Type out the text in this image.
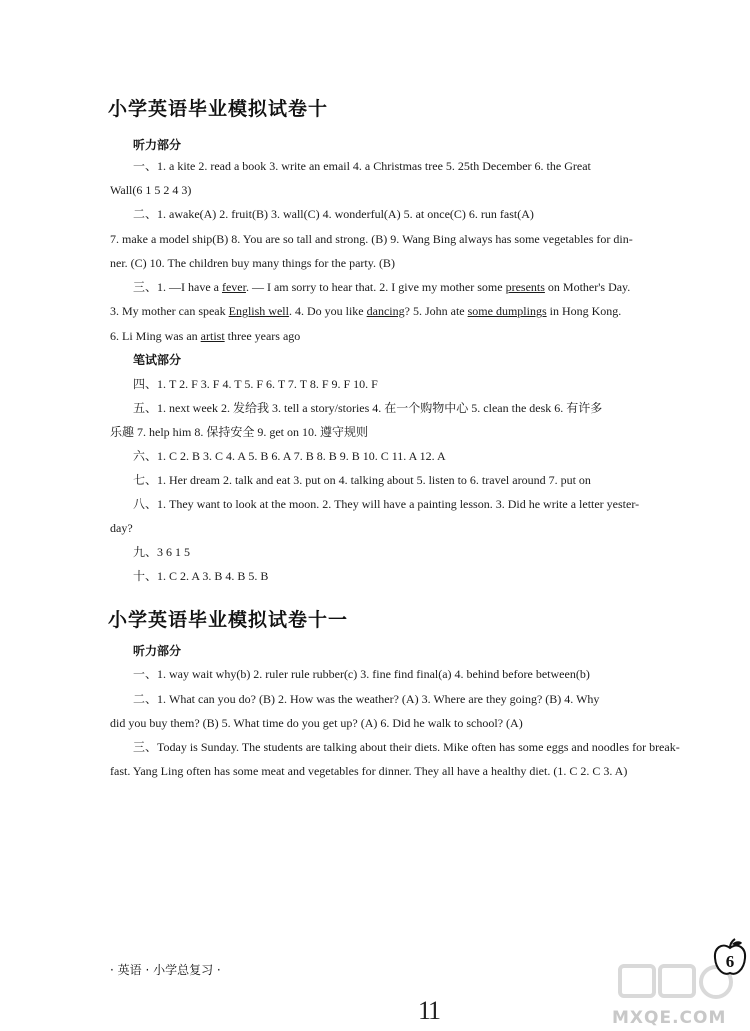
小学英语毕业模拟试卷十
听力部分
一、1. a kite 2. read a book 3. write an email 4. a Christmas tree 5. 25th December 6. the Great
Wall(6 1 5 2 4 3)
二、1. awake(A) 2. fruit(B) 3. wall(C) 4. wonderful(A) 5. at once(C) 6. run fast(A)
7. make a model ship(B) 8. You are so tall and strong. (B) 9. Wang Bing always has some vegetables for din-
ner. (C) 10. The children buy many things for the party. (B)
三、1. —I have a fever. — I am sorry to hear that. 2. I give my mother some presents on Mother's Day.
3. My mother can speak English well. 4. Do you like dancing? 5. John ate some dumplings in Hong Kong.
6. Li Ming was an artist three years ago
笔试部分
四、1. T 2. F 3. F 4. T 5. F 6. T 7. T 8. F 9. F 10. F
五、1. next week 2. 发给我 3. tell a story/stories 4. 在一个购物中心 5. clean the desk 6. 有许多
乐趣 7. help him 8. 保持安全 9. get on 10. 遵守规则
六、1. C 2. B 3. C 4. A 5. B 6. A 7. B 8. B 9. B 10. C 11. A 12. A
七、1. Her dream 2. talk and eat 3. put on 4. talking about 5. listen to 6. travel around 7. put on
八、1. They want to look at the moon. 2. They will have a painting lesson. 3. Did he write a letter yester-
day?
九、3 6 1 5
十、1. C 2. A 3. B 4. B 5. B
小学英语毕业模拟试卷十一
听力部分
一、1. way wait why(b) 2. ruler rule rubber(c) 3. fine find final(a) 4. behind before between(b)
二、1. What can you do? (B) 2. How was the weather? (A) 3. Where are they going? (B) 4. Why
did you buy them? (B) 5. What time do you get up? (A) 6. Did he walk to school? (A)
三、Today is Sunday. The students are talking about their diets. Mike often has some eggs and noodles for break-
fast. Yang Ling often has some meat and vegetables for dinner. They all have a healthy diet. (1. C 2. C 3. A)
· 英语 · 小学总复习 ·
11	MXQE.COM
6
